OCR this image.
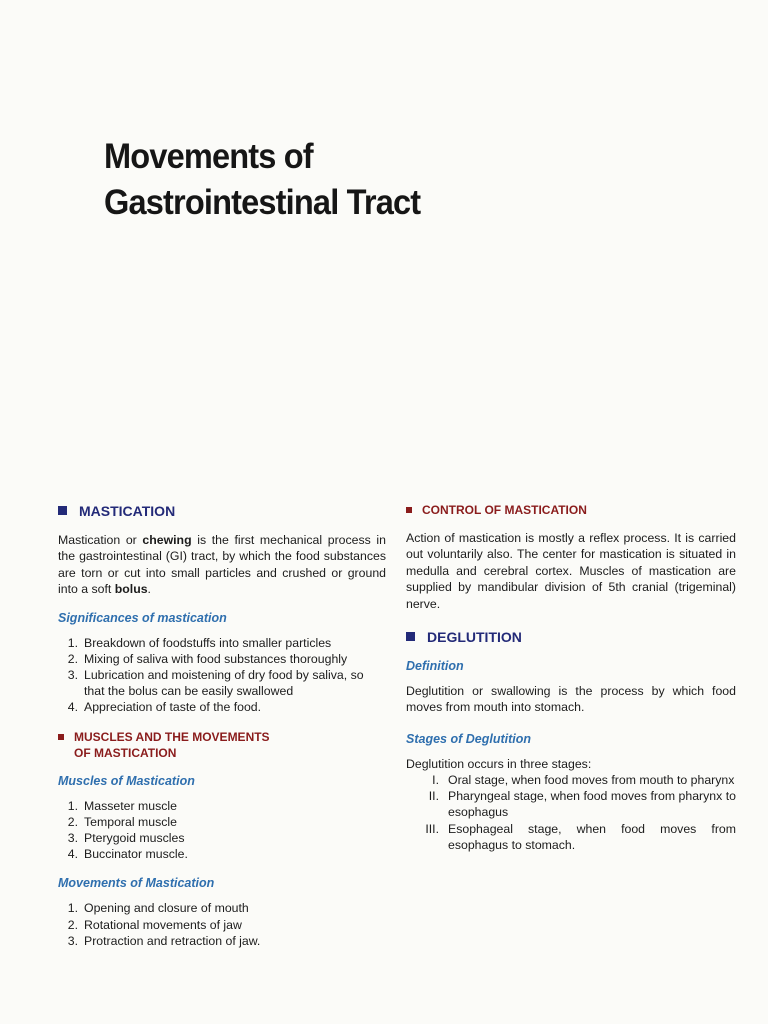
Movements of
Gastrointestinal Tract
MASTICATION

Mastication or chewing is the first mechanical process in the gastrointestinal (GI) tract, by which the food substances are torn or cut into small particles and crushed or ground into a soft bolus.

Significances of mastication
1. Breakdown of foodstuffs into smaller particles
2. Mixing of saliva with food substances thoroughly
3. Lubrication and moistening of dry food by saliva, so that the bolus can be easily swallowed
4. Appreciation of taste of the food.
MUSCLES AND THE MOVEMENTS
OF MASTICATION
Muscles of Mastication
1. Masseter muscle
2. Temporal muscle
3. Pterygoid muscles
4. Buccinator muscle.
Movements of Mastication
1. Opening and closure of mouth
2. Rotational movements of jaw
3. Protraction and retraction of jaw.
CONTROL OF MASTICATION

Action of mastication is mostly a reflex process. It is carried out voluntarily also. The center for mastication is situated in medulla and cerebral cortex. Muscles of mastication are supplied by mandibular division of 5th cranial (trigeminal) nerve.

DEGLUTITION
Definition

Deglutition or swallowing is the process by which food moves from mouth into stomach.

Stages of Deglutition

Deglutition occurs in three stages:

I. Oral stage, when food moves from mouth to pharynx
II. Pharyngeal stage, when food moves from pharynx to esophagus
III. Esophageal stage, when food moves from esophagus to stomach.
